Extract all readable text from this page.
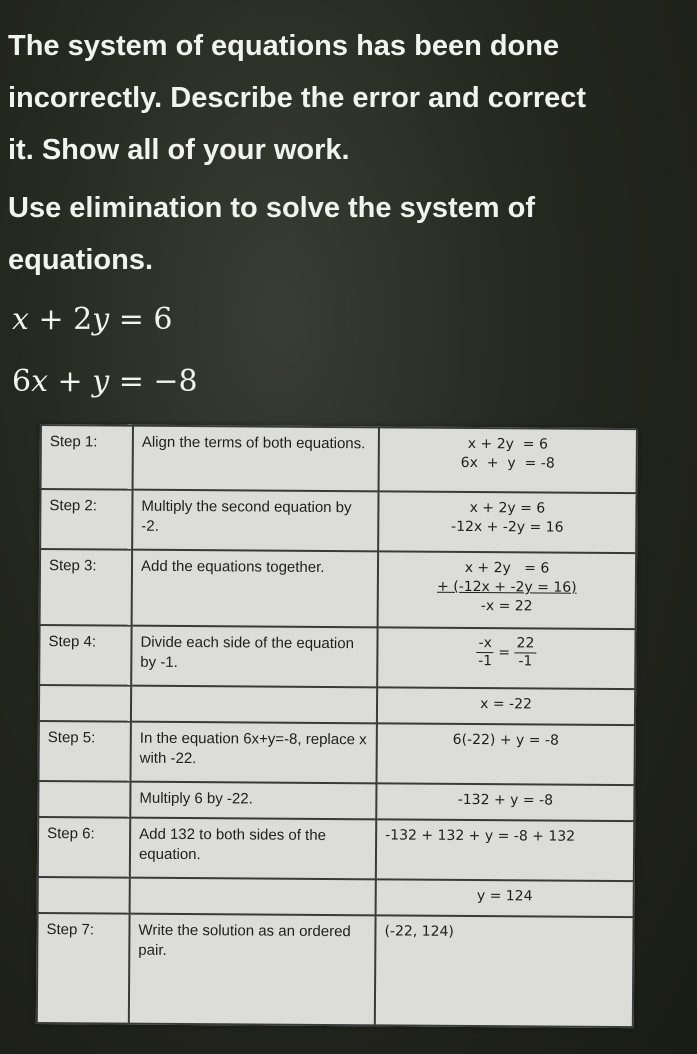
The system of equations has been done

incorrectly. Describe the error and correct

it. Show all of your work.

Use elimination to solve the system of

equations.

x + 2y = 6
6x + y = −8
Step 1:	Align the terms of both equations.	x + 2y  = 6
6x  +  y  = -8

Step 2:	Multiply the second equation by -2.	x + 2y = 6
-12x + -2y = 16

Step 3:	Add the equations together.	x + 2y   = 6
+ (-12x + -2y = 16)
-x = 22

Step 4:	Divide each side of the equation by -1.	$\frac{-x}{-1} = \frac{22}{-1}$

		x = -22

Step 5:	In the equation 6x+y=-8, replace x with -22.	6(-22) + y = -8

	Multiply 6 by -22.	-132 + y = -8

Step 6:	Add 132 to both sides of the equation.	-132 + 132 + y = -8 + 132

		y = 124

Step 7:	Write the solution as an ordered pair.	(-22, 124)
